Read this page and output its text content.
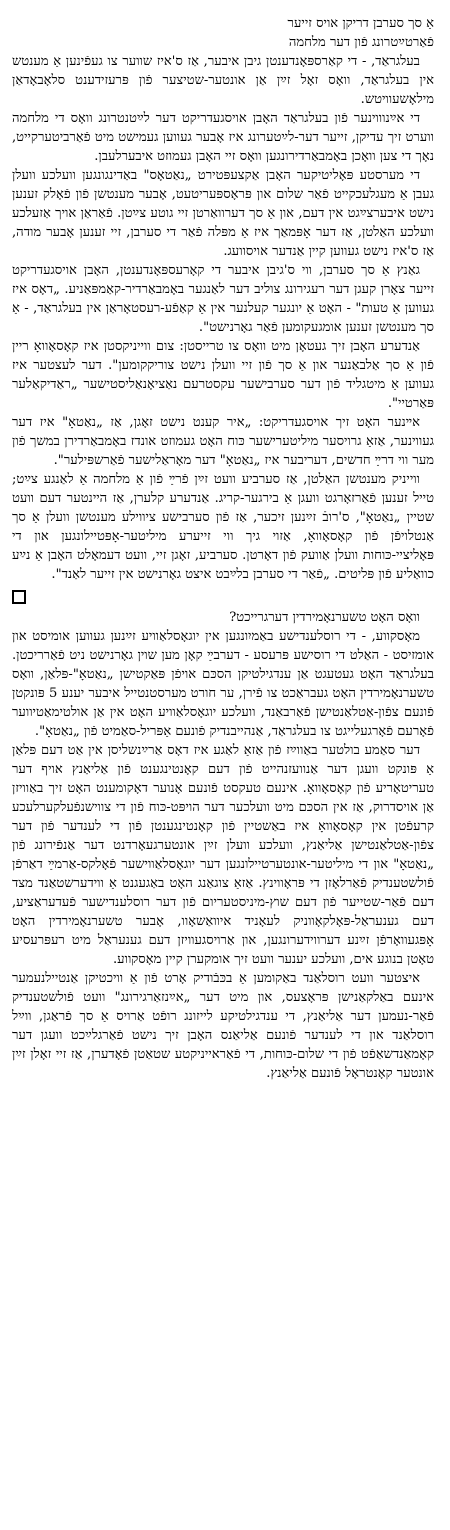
אַ סך סערבן דריקן אויס זייער

פֿאַרטײַטרונג פֿון דער מלחמה

בעלגראַד, - די קאַרספּאָנדענטן גיבן איבער, אַז ס'איז שווער צו געפֿינען אַ מענטש אין בעלגראַד, וואָס זאָל זײַן אַן אונטער-שטיצער פֿון פּרעזידענט סלאָבאָדאַן מילאָשעוויטש.

די אײַנוווינער פֿון בעלגראַד האָבן אויסגעדריקט דער לײַטנטרונג וואָס די מלחמה ווערט זיך עדיקן, זייער דער-לײַטערונג איז אָבער געווען געמישט מיט פֿאַרביטערקייט, נאָך די צען וואָכן באָמבאַרדירונגען וואָס זיי האָבן געמוזט איבערלעבן.

די מערסטע פּאָליטיקער האָבן אַקצעפּטירט „נאַטאָס" באַדינגונגען וועלכע וועלן געבן אַ מעגלעכקייט פֿאַר שלום און פּראָספּעריטעט, אָבער מענטשן פֿון פֿאָלק זענען נישט איבערצײַגט אין דעם, און אַ סך דערוואַרטן זיי גוטע צײַטן. פֿאַראַן אויך אַזעלכע וועלכע האַלטן, אַז דער אָפּמאַך איז אַ מפּלה פֿאַר די סערבן, זיי זענען אָבער מודה, אַז ס'איז נישט געווען קיין אַנדער אויסוועג.

גאַנץ אַ סך סערבן, ווי ס'גיבן איבער די קאָרעספּאָנדענטן, האָבן אויסגעדריקט זייער צאָרן קעגן דער רעגירונג צוליב דער לאַנגער באָמבאַרדיר-קאַמפּאַניע. „דאָס איז געווען אַ טעות" - האָט אַ יונגער קעלנער אין אַ קאַפֿע-רעסטאָראַן אין בעלגראַד, - אַ סך מענטשן זענען אומגעקומען פֿאַר גאָרנישט".

אַנדערע האָבן זיך געטאָן מיט וואָס צו טרייסטן: צום ווייניקסטן איז קאָסאָוואָ ריין פֿון אַ סך אַלבאַנער און אַ סך פֿון זיי וועלן נישט צוריקקומען". דער לעצטער איז געווען אַ מיטגליד פֿון דער סערבישער עקסטרעם נאַציאָנאַליסטישער „ראַדיקאַלער פּאַרטיי".

אײנער האָט זיך אויסגעדריקט: „איר קענט נישט זאָגן, אַז „נאַטאָ" איז דער געווינער, אַזאַ גרויסער מיליטערישער כּוח האָט געמוזט אונדז באָמבאַרדירן במשך פֿון מער ווי דרײַ חדשים, דעריבער איז „נאַטאָ" דער מאָראַלישער פֿאַרשפּילער".

ווייניק מענטשן האַלטן, אַז סערביע וועט זײַן פֿרײַ פֿון אַ מלחמה אַ לאַנגע צײַט; טייל זענען פֿאַרזאָרגט וועגן אַ בירגער-קריג. אַנדערע קלערן, אַז היינטער דעם וועט שטיין „נאַטאָ", ס'רובֿ זײַנען זיכער, אַז פֿון סערבישע ציווילע מענטשן וועלן אַ סך אַנטלויפֿן פֿון קאָסאָוואָ, אַזוי גיך ווי זייערע מיליטער-אָפּטיילונגען און די פּאָליציי-כּוחות וועלן אַוועק פֿון דאָרטן. סערביע, זאָגן זיי, וועט דעמאָלט האָבן אַ נײַע כוואַליע פֿון פּליטים. „פֿאַר די סערבן בלײַבט איצט גאָרנישט אין זייער לאַנד".

וואָס האָט טשערנאָמירדין דערגרייכט?

מאָסקווע, - די רוסלענדישע באַמיִונגען אין יוגאָסלאַוויע זײַנען געווען אומיסט און אומזיסט - האַלט די רוסישע פּרעסע - דערבײַ קאָן מען שוין גאָרנישט ניט פֿאַרריכטן. בעלגראַד האָט געטעגט אַן ענדגילטיקן הסכּם אויפֿן פּאַקטישן „נאַטאָ"-פּלאַן, וואָס טשערנאָמירדין האָט געבראַכט צו פֿירן, ער חורט מערסטנטייל איבער יענע 5 פּונקטן פֿונעם צפֿון-אַטלאַנטישן פֿאַרבאַנד, וועלכע יוגאָסלאַוויע האָט אין אַן אולטימאַטיווער פֿאָרעם פֿאָרגעלייגט צו בעלגראַד, אַנהייבנדיק פֿונעם אַפּריל-סאַמיט פֿון „נאַטאָ".

דער סאַמע בולטער באַווײַז פֿון אַזאַ לאַגע איז דאָס אַרײַנשליסן אין אַט דעם פּלאַן אַ פּונקט וועגן דער אַנוועזנהייט פֿון דעם קאָנטינגענט פֿון אַליאַנץ אויף דער טעריטאָריע פֿון קאָסאָוואָ. אינעם טעקסט פֿונעם אָנוער דאָקומענט האָט זיך באַוויזן אַן אויסדרוק, אַז אין הסכּם מיט וועלכער דער הויפּט-כּוח פֿון די צווישנפֿעלקערלעכע קרעפֿטן אין קאָסאָוואָ איז באַשטיין פֿון קאָנטינגענטן פֿון די לענדער פֿון דער צפֿון-אַטלאַנטישן אַליאַנץ, וועלכע וועלן זײַן אונטערגעאָרדנט דער אַנפֿירונג פֿון „נאַטאָ" און די מיליטער-אונטערטיילונגען דער יוגאָסלאַווישער פֿאָלקס-אַרמײַ דאַרפֿן פֿולשטענדיק פֿאַרלאָזן די פּראָווינץ. אַזאַ צוגאַנג האָט באַגעגנט אַ ווידערשטאַנד מצד דעם פֿאַר-שטייער פֿון דעם שוץ-מיניסטעריום פֿון דער רוסלענדישער פֿעדעראַציע, דעם גענעראַל-פּאָלקאָווניק לעאָניד איוואַשאָוו, אָבער טשערנאָמירדין האָט אָפּגעוואָרפֿן זײַנע דערווידערונגען, און אַרויסגעוויזן דעם גענעראַל מיט רעפּרעסיע טאָטן בנוגע אים, וועלכע יענער וועט זיך אומקערן קיין מאָסקווע.

איצטער וועט רוסלאַנד באַקומען אַ בכּבֿודיק אָרט פֿון אַ וויכטיקן אַנטיילנעמער אינעם באַלקאַנישן פּראָצעס, און מיט דער „אײַנזאַרגירונג" וועט פֿולשטענדיק פֿאַר-נעמען דער אַליאַנץ, די ענדגילטיקע לייזונג רופֿט אַרויס אַ סך פֿראַגן, ווײַל רוסלאַנד און די לענדער פֿונעם אַליאַנס האָבן זיך נישט פֿאַרגלײַכט וועגן דער קאָמאַנדשאַפֿט פֿון די שלום-כּוחות, די פֿאַראייניקטע שטאַטן פֿאָדערן, אַז זיי זאָלן זײַן אונטער קאָנטראָל פֿונעם אַליאַנץ.
